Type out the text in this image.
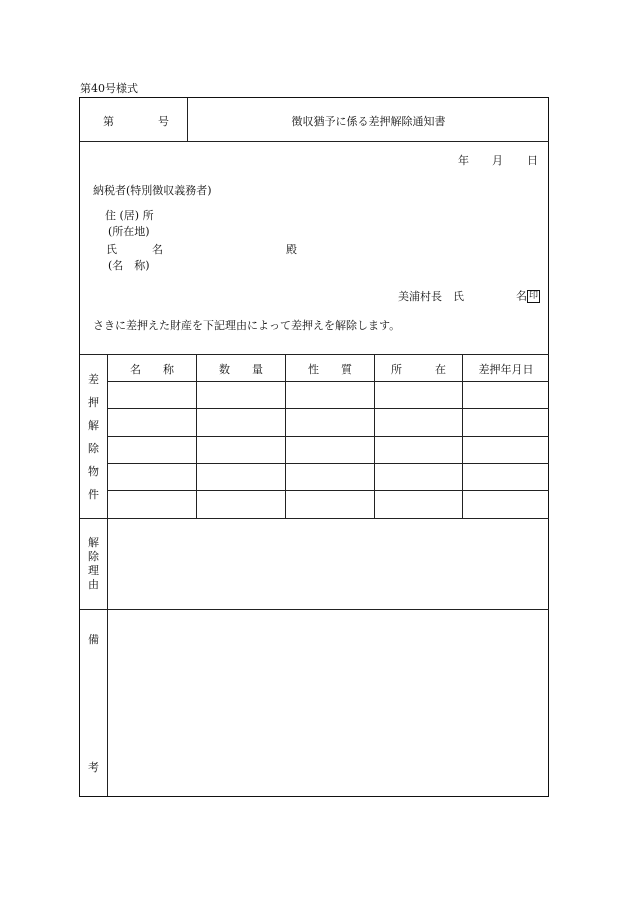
第40号様式
第	号	徴収猶予に係る差押解除通知書
年 月 日
納税者(特別徴収義務者)
住 (居) 所
(所在地)
氏	名	殿
(名　称)
美浦村長　氏	名 印
さきに差押えた財産を下記理由によって差押えを解除します。
名　　称	数　　量	性　　質	所　　　在	差押年月日
差
押
解
除
物
件
解
除
理
由
備
考
